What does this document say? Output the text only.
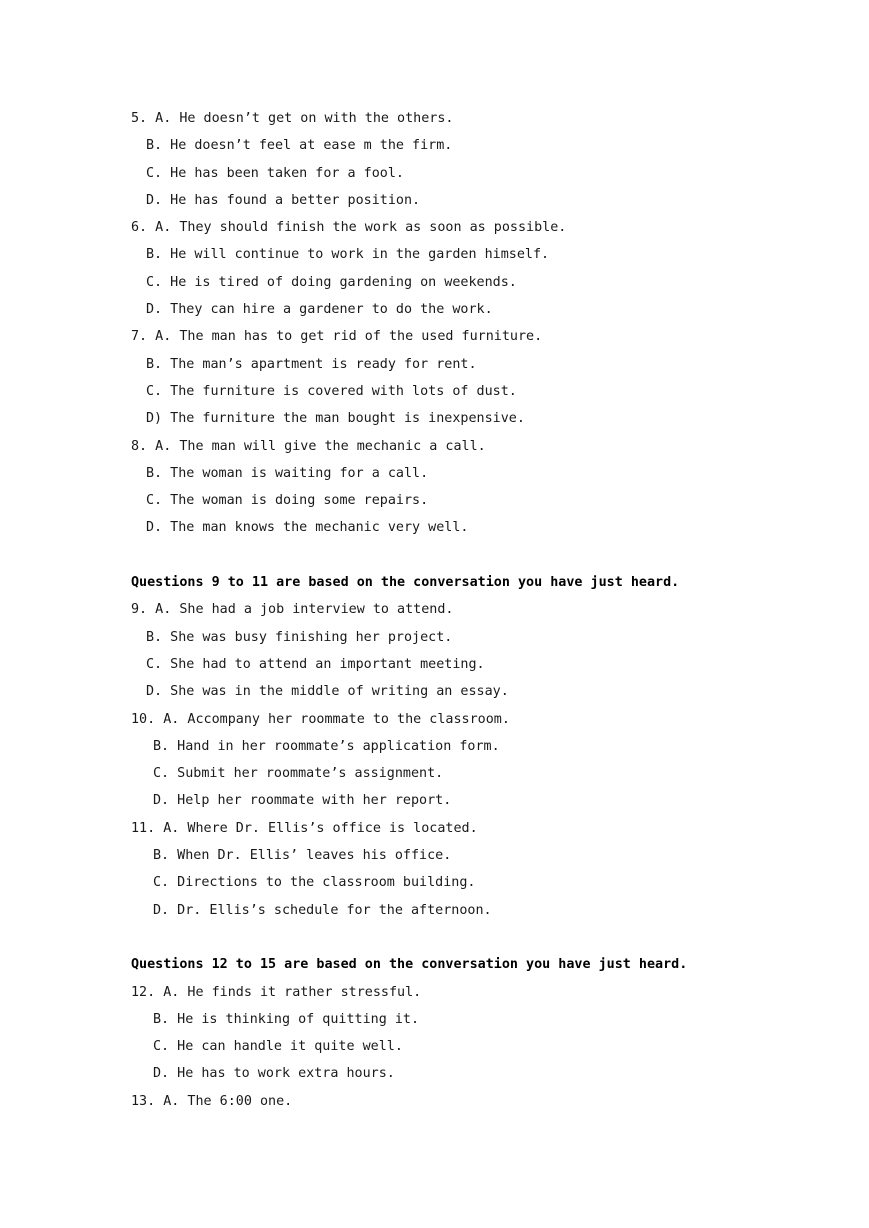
5. A. He doesn’t get on with the others.
B. He doesn’t feel at ease m the firm.
C. He has been taken for a fool.
D. He has found a better position.
6. A. They should finish the work as soon as possible.
B. He will continue to work in the garden himself.
C. He is tired of doing gardening on weekends.
D. They can hire a gardener to do the work.
7. A. The man has to get rid of the used furniture.
B. The man’s apartment is ready for rent.
C. The furniture is covered with lots of dust.
D) The furniture the man bought is inexpensive.
8. A. The man will give the mechanic a call.
B. The woman is waiting for a call.
C. The woman is doing some repairs.
D. The man knows the mechanic very well.
Questions 9 to 11 are based on the conversation you have just heard.
9. A. She had a job interview to attend.
B. She was busy finishing her project.
C. She had to attend an important meeting.
D. She was in the middle of writing an essay.
10. A. Accompany her roommate to the classroom.
B. Hand in her roommate’s application form.
C. Submit her roommate’s assignment.
D. Help her roommate with her report.
11. A. Where Dr. Ellis’s office is located.
B. When Dr. Ellis’ leaves his office.
C. Directions to the classroom building.
D. Dr. Ellis’s schedule for the afternoon.
Questions 12 to 15 are based on the conversation you have just heard.
12. A. He finds it rather stressful.
B. He is thinking of quitting it.
C. He can handle it quite well.
D. He has to work extra hours.
13. A. The 6:00 one.
